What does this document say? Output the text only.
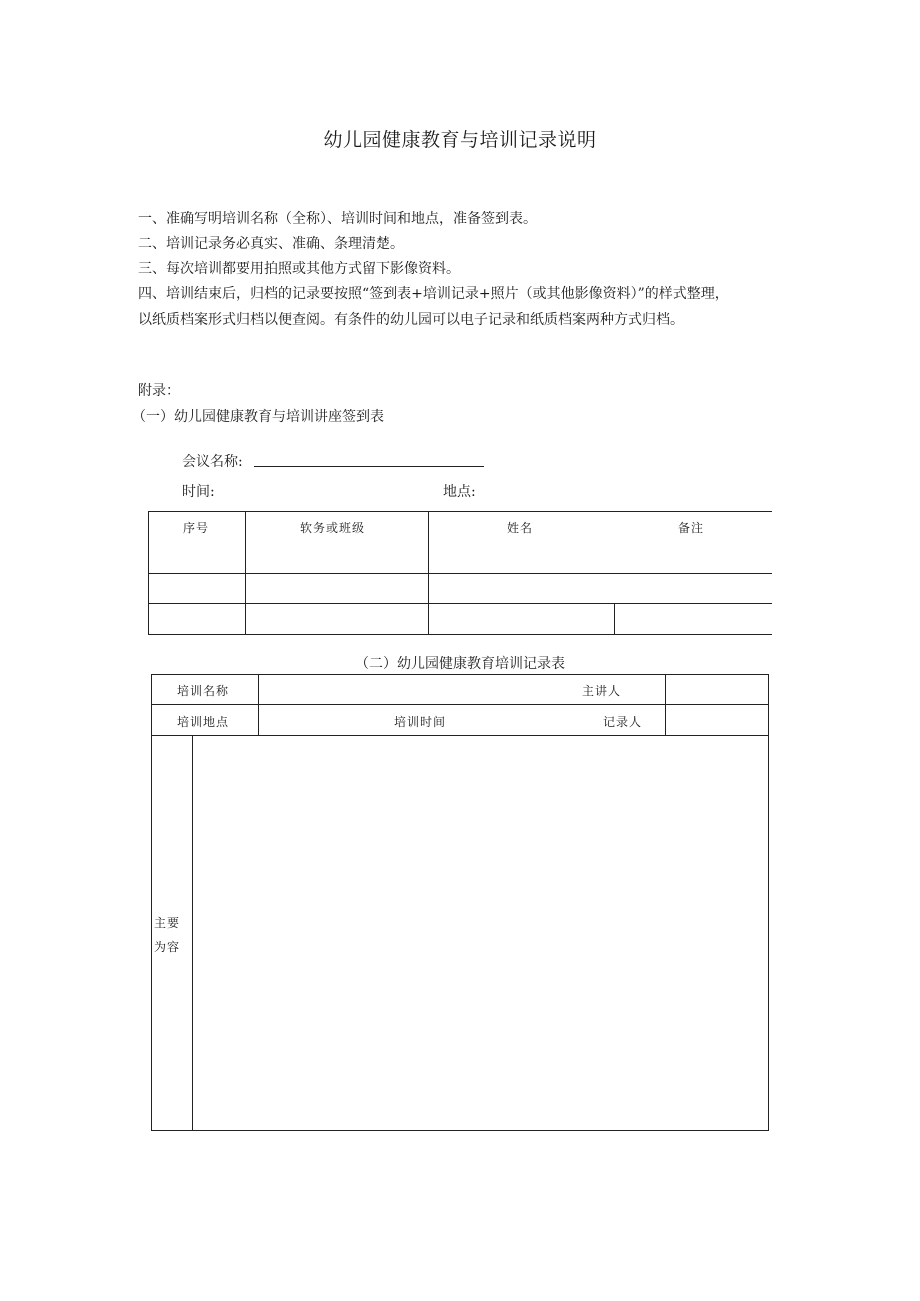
幼儿园健康教育与培训记录说明
一、准确写明培训名称（全称）、培训时间和地点，准备签到表。
二、培训记录务必真实、准确、条理清楚。
三、每次培训都要用拍照或其他方式留下影像资料。
四、培训结束后，归档的记录要按照“签到表+培训记录+照片（或其他影像资料）”的样式整理，
以纸质档案形式归档以便查阅。有条件的幼儿园可以电子记录和纸质档案两种方式归档。
附录：
（一）幼儿园健康教育与培训讲座签到表
会议名称:
时间:	地点:
序号	软务或班级	姓名	备注
（二）幼儿园健康教育培训记录表
培训名称	主讲人
培训地点	培训时间	记录人
主要
为容
